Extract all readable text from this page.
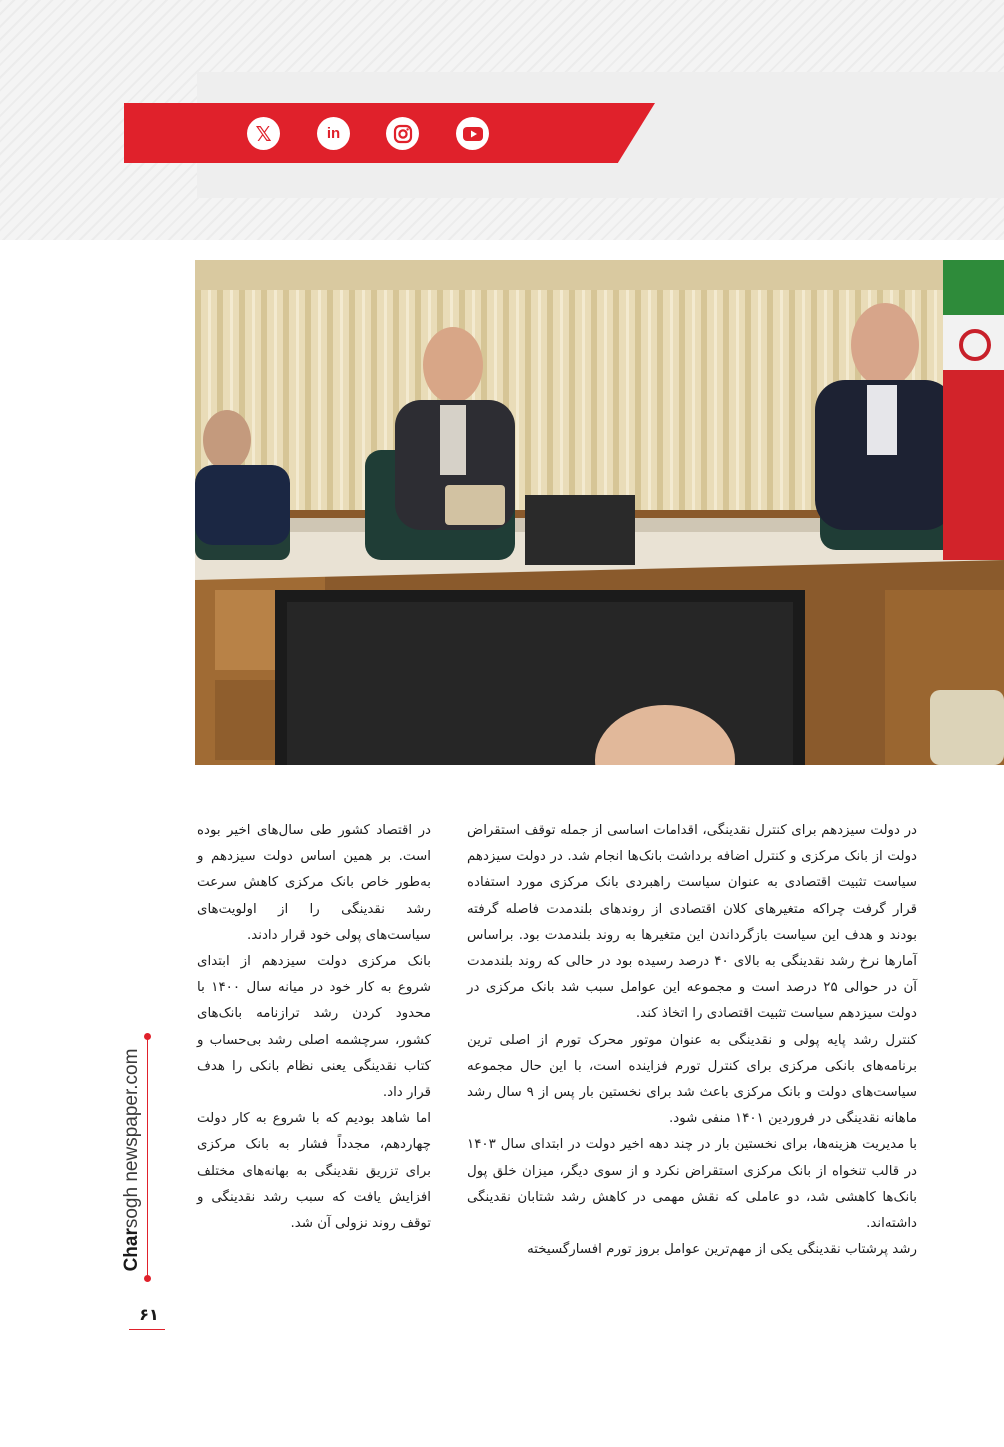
𝕏	in

در دولت سیزدهم برای کنترل نقدینگی، اقدامات اساسی از جمله توقف استقراض دولت از بانک مرکزی و کنترل اضافه برداشت بانک‌ها انجام شد. در دولت سیزدهم سیاست تثبیت اقتصادی به عنوان سیاست راهبردی بانک مرکزی مورد استفاده قرار گرفت چراکه متغیرهای کلان اقتصادی از روندهای بلندمدت فاصله گرفته بودند و هدف این سیاست بازگرداندن این متغیرها به روند بلندمدت بود. براساس آمارها نرخ رشد نقدینگی به بالای ۴۰ درصد رسیده بود در حالی که روند بلندمدت آن در حوالی ۲۵ درصد است و مجموعه این عوامل سبب شد بانک مرکزی در دولت سیزدهم سیاست تثبیت اقتصادی را اتخاذ کند.

کنترل رشد پایه پولی و نقدینگی به عنوان موتور محرک تورم از اصلی ترین برنامه‌های بانکی مرکزی برای کنترل تورم فزاینده است، با این حال مجموعه سیاست‌های دولت و بانک مرکزی باعث شد برای نخستین بار پس از ۹ سال رشد ماهانه نقدینگی در فروردین ۱۴۰۱ منفی شود.

با مدیریت هزینه‌ها، برای نخستین بار در چند دهه اخیر دولت در ابتدای سال ۱۴۰۳ در قالب تنخواه از بانک مرکزی استقراض نکرد و از سوی دیگر، میزان خلق پول بانک‌ها کاهشی شد، دو عاملی که نقش مهمی در کاهش رشد شتابان نقدینگی داشته‌اند.

رشد پرشتاب نقدینگی یکی از مهم‌ترین عوامل بروز تورم افسارگسیخته

در اقتصاد کشور طی سال‌های اخیر بوده است. بر همین اساس دولت سیزدهم و به‌طور خاص بانک مرکزی کاهش سرعت رشد نقدینگی را از اولویت‌های سیاست‌های پولی خود قرار دادند.

بانک مرکزی دولت سیزدهم از ابتدای شروع به کار خود در میانه سال ۱۴۰۰ با محدود کردن رشد ترازنامه بانک‌های کشور، سرچشمه اصلی رشد بی‌حساب و کتاب نقدینگی یعنی نظام بانکی را هدف قرار داد.

اما شاهد بودیم که با شروع به کار دولت چهاردهم، مجدداً فشار به بانک مرکزی برای تزریق نقدینگی به بهانه‌های مختلف افزایش یافت که سبب رشد نقدینگی و توقف روند نزولی آن شد.

Charsogh newspaper.com
۶۱
